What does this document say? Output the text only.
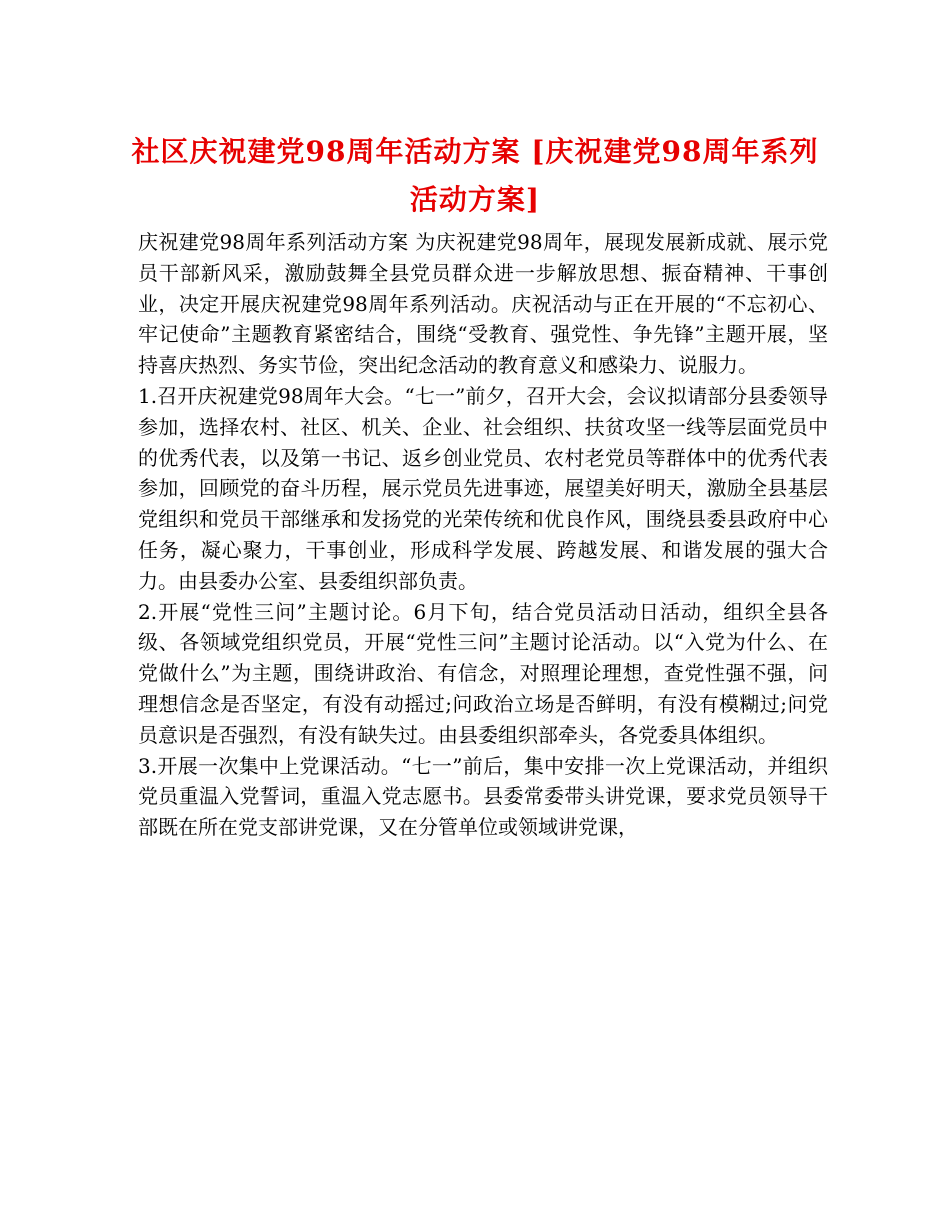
社区庆祝建党98周年活动方案 [庆祝建党98周年系列活动方案]

庆祝建党98周年系列活动方案 为庆祝建党98周年，展现发展新成就、展示党员干部新风采，激励鼓舞全县党员群众进一步解放思想、振奋精神、干事创业，决定开展庆祝建党98周年系列活动。庆祝活动与正在开展的“不忘初心、牢记使命”主题教育紧密结合，围绕“受教育、强党性、争先锋”主题开展，坚持喜庆热烈、务实节俭，突出纪念活动的教育意义和感染力、说服力。

1.召开庆祝建党98周年大会。“七一”前夕，召开大会，会议拟请部分县委领导参加，选择农村、社区、机关、企业、社会组织、扶贫攻坚一线等层面党员中的优秀代表，以及第一书记、返乡创业党员、农村老党员等群体中的优秀代表参加，回顾党的奋斗历程，展示党员先进事迹，展望美好明天，激励全县基层党组织和党员干部继承和发扬党的光荣传统和优良作风，围绕县委县政府中心任务，凝心聚力，干事创业，形成科学发展、跨越发展、和谐发展的强大合力。由县委办公室、县委组织部负责。

2.开展“党性三问”主题讨论。6月下旬，结合党员活动日活动，组织全县各级、各领域党组织党员，开展“党性三问”主题讨论活动。以“入党为什么、在党做什么”为主题，围绕讲政治、有信念，对照理论理想，查党性强不强，问理想信念是否坚定，有没有动摇过;问政治立场是否鲜明，有没有模糊过;问党员意识是否强烈，有没有缺失过。由县委组织部牵头，各党委具体组织。

3.开展一次集中上党课活动。“七一”前后，集中安排一次上党课活动，并组织党员重温入党誓词，重温入党志愿书。县委常委带头讲党课，要求党员领导干部既在所在党支部讲党课，又在分管单位或领域讲党课，
